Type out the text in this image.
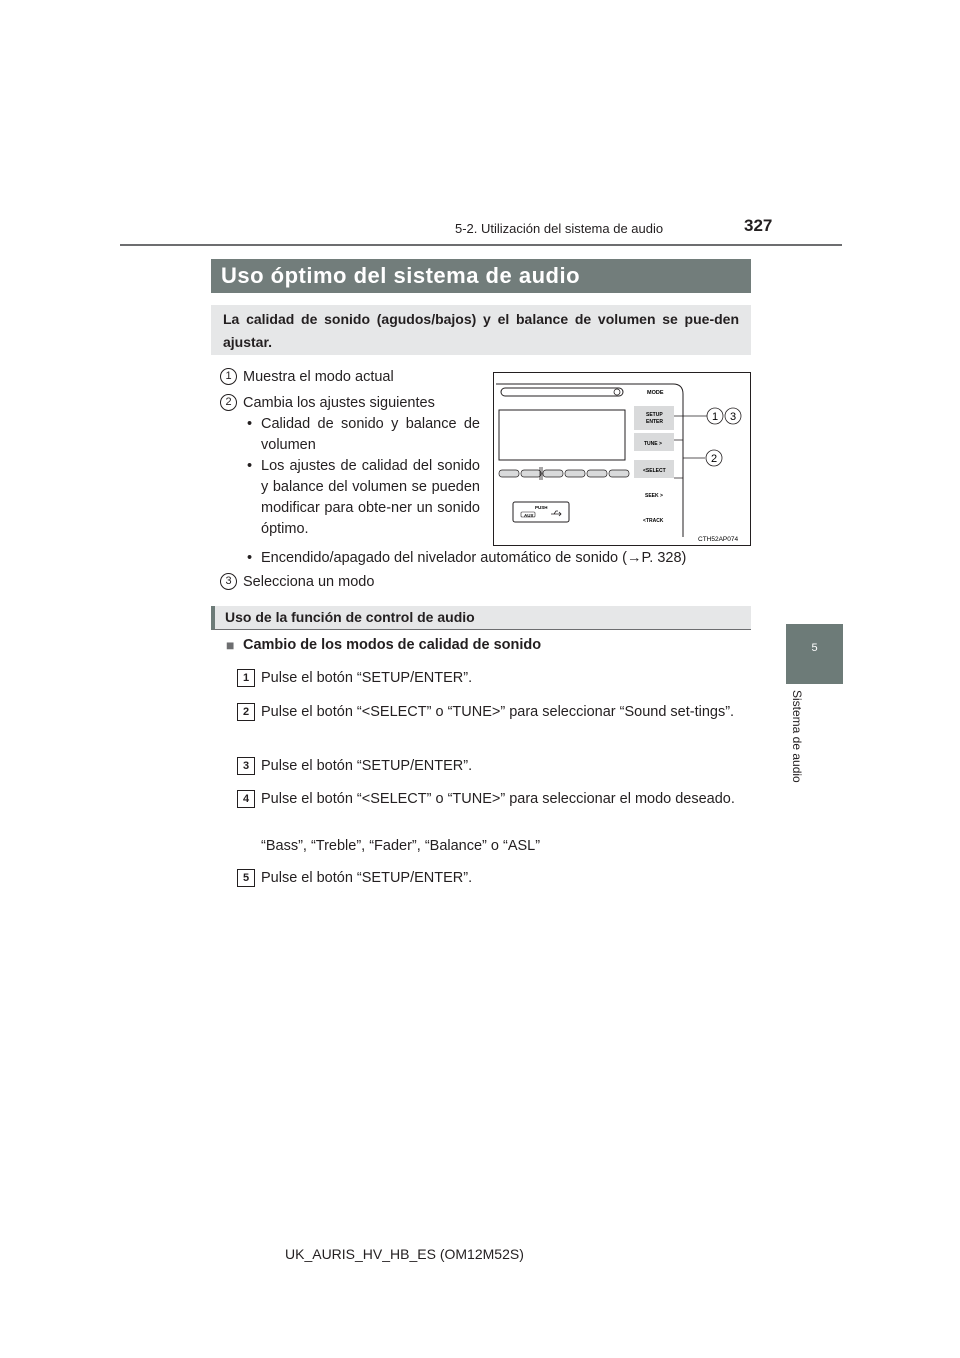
5-2. Utilización del sistema de audio	327
5
Sistema de audio
Uso óptimo del sistema de audio
La calidad de sonido (agudos/bajos) y el balance de volumen se pue-den ajustar.
1 Muestra el modo actual
2 Cambia los ajustes siguientes
• Calidad de sonido y balance de volumen
• Los ajustes de calidad del sonido y balance del volumen se pueden modificar para obte-ner un sonido óptimo.
• Encendido/apagado del nivelador automático de sonido (→P. 328)
3 Selecciona un modo
PUSH
AUX
MODE
SETUP
ENTER
TUNE >
<SELECT
SEEK >
<TRACK
1 3
2
CTH52AP074
Uso de la función de control de audio
■ Cambio de los modos de calidad de sonido
1 Pulse el botón “SETUP/ENTER”.
2 Pulse el botón “<SELECT” o “TUNE>” para seleccionar “Sound set-tings”.
3 Pulse el botón “SETUP/ENTER”.
4 Pulse el botón “<SELECT” o “TUNE>” para seleccionar el modo deseado.
“Bass”, “Treble”, “Fader”, “Balance” o “ASL”
5 Pulse el botón “SETUP/ENTER”.
UK_AURIS_HV_HB_ES (OM12M52S)
